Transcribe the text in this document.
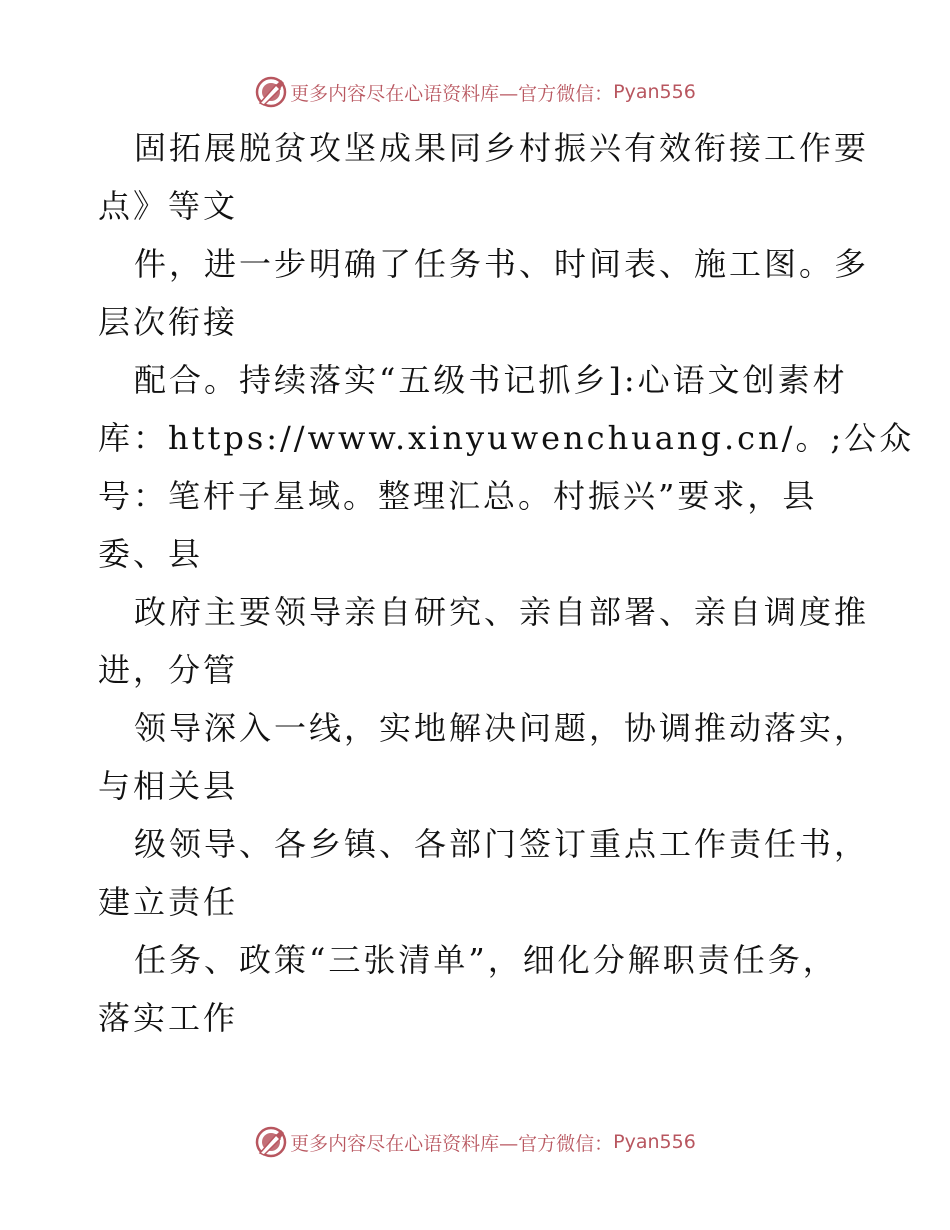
更多内容尽在心语资料库—官方微信： Pyan556
固拓展脱贫攻坚成果同乡村振兴有效衔接工作要
点》等文
件，进一步明确了任务书、时间表、施工图。多
层次衔接
配合。持续落实“五级书记抓乡]:心语文创素材
库：https://www.xinyuwenchuang.cn/。;公众
号：笔杆子星域。整理汇总。村振兴”要求，县
委、县
政府主要领导亲自研究、亲自部署、亲自调度推
进，分管
领导深入一线，实地解决问题，协调推动落实，
与相关县
级领导、各乡镇、各部门签订重点工作责任书，
建立责任
任务、政策“三张清单”，细化分解职责任务，
落实工作
更多内容尽在心语资料库—官方微信： Pyan556
